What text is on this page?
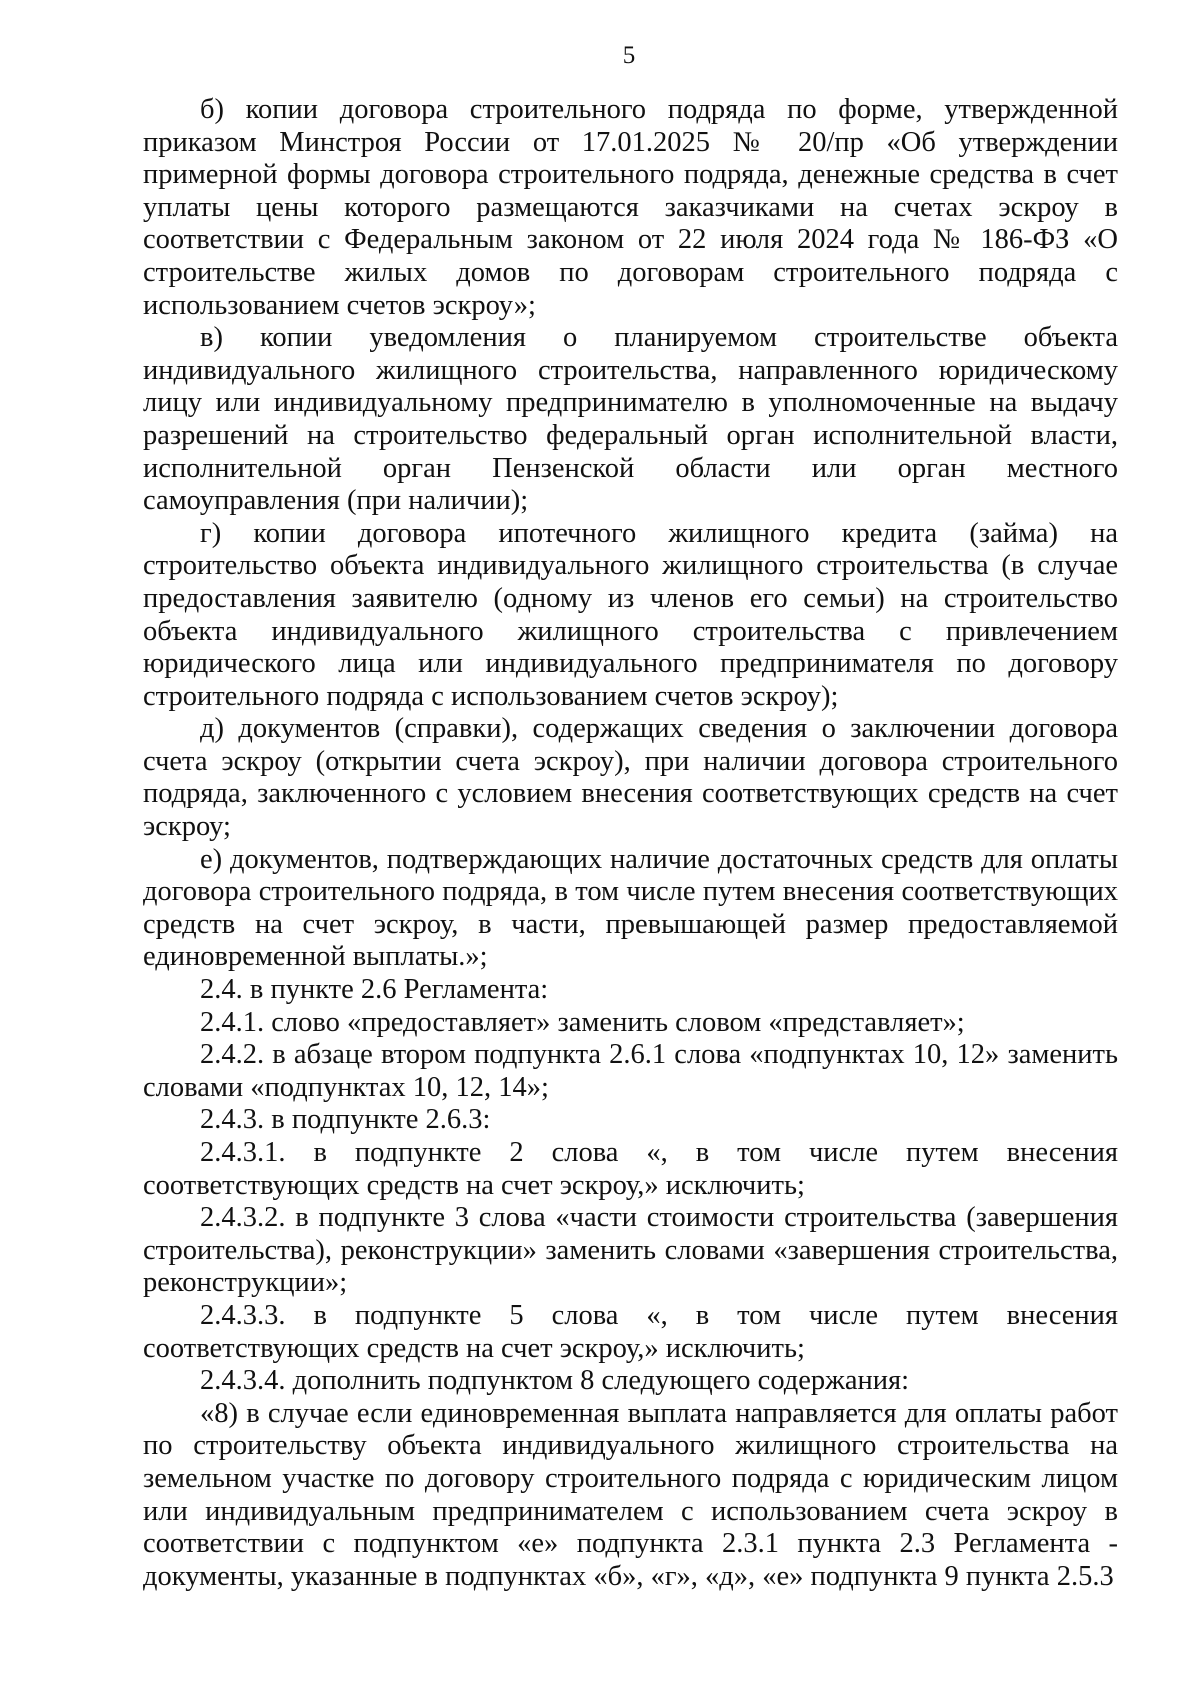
5

б) копии договора строительного подряда по форме, утвержденной приказом Минстроя России от 17.01.2025 № 20/пр «Об утверждении примерной формы договора строительного подряда, денежные средства в счет уплаты цены которого размещаются заказчиками на счетах эскроу в соответствии с Федеральным законом от 22 июля 2024 года № 186-ФЗ «О строительстве жилых домов по договорам строительного подряда с использованием счетов эскроу»;

в) копии уведомления о планируемом строительстве объекта индивидуального жилищного строительства, направленного юридическому лицу или индивидуальному предпринимателю в уполномоченные на выдачу разрешений на строительство федеральный орган исполнительной власти, исполнительной орган Пензенской области или орган местного самоуправления (при наличии);

г) копии договора ипотечного жилищного кредита (займа) на строительство объекта индивидуального жилищного строительства (в случае предоставления заявителю (одному из членов его семьи) на строительство объекта индивидуального жилищного строительства с привлечением юридического лица или индивидуального предпринимателя по договору строительного подряда с использованием счетов эскроу);

д) документов (справки), содержащих сведения о заключении договора счета эскроу (открытии счета эскроу), при наличии договора строительного подряда, заключенного с условием внесения соответствующих средств на счет эскроу;

е) документов, подтверждающих наличие достаточных средств для оплаты договора строительного подряда, в том числе путем внесения соответствующих средств на счет эскроу, в части, превышающей размер предоставляемой единовременной выплаты.»;

2.4. в пункте 2.6 Регламента:

2.4.1. слово «предоставляет» заменить словом «представляет»;

2.4.2. в абзаце втором подпункта 2.6.1 слова «подпунктах 10, 12» заменить словами «подпунктах 10, 12, 14»;

2.4.3. в подпункте 2.6.3:

2.4.3.1. в подпункте 2 слова «, в том числе путем внесения соответствующих средств на счет эскроу,» исключить;

2.4.3.2. в подпункте 3 слова «части стоимости строительства (завершения строительства), реконструкции» заменить словами «завершения строительства, реконструкции»;

2.4.3.3. в подпункте 5 слова «, в том числе путем внесения соответствующих средств на счет эскроу,» исключить;

2.4.3.4. дополнить подпунктом 8 следующего содержания:

«8) в случае если единовременная выплата направляется для оплаты работ по строительству объекта индивидуального жилищного строительства на земельном участке по договору строительного подряда с юридическим лицом или индивидуальным предпринимателем с использованием счета эскроу в соответствии с подпунктом «е» подпункта 2.3.1 пункта 2.3 Регламента - документы, указанные в подпунктах «б», «г», «д», «е» подпункта 9 пункта 2.5.3
